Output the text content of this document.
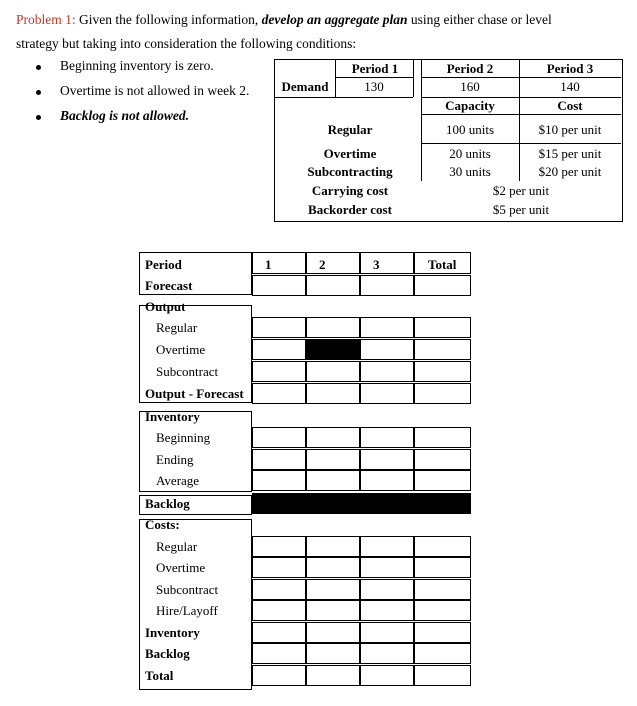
Problem 1: Given the following information, develop an aggregate plan using either chase or level
strategy but taking into consideration the following conditions:
Beginning inventory is zero.
Overtime is not allowed in week 2.
Backlog is not allowed.
Period 1	Period 2	Period 3
Demand	130	160	140
Capacity	Cost
Regular	100 units	$10 per unit
Overtime	20 units	$15 per unit
Subcontracting	30 units	$20 per unit
Carrying cost	$2 per unit
Backorder cost	$5 per unit
Period	1	2	3	Total
Forecast
Output
Regular
Overtime
Subcontract
Output - Forecast
Inventory
Beginning
Ending
Average
Backlog
Costs:
Regular
Overtime
Subcontract
Hire/Layoff
Inventory
Backlog
Total
